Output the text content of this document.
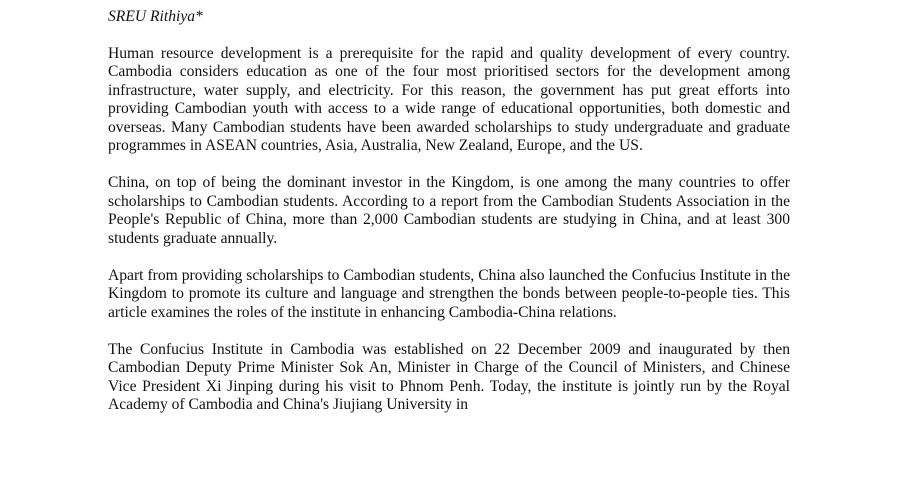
SREU Rithiya*

Human resource development is a prerequisite for the rapid and quality development of every country. Cambodia considers education as one of the four most prioritised sectors for the development among infrastructure, water supply, and electricity. For this reason, the government has put great efforts into providing Cambodian youth with access to a wide range of educational opportunities, both domestic and overseas. Many Cambodian students have been awarded scholarships to study undergraduate and graduate programmes in ASEAN countries, Asia, Australia, New Zealand, Europe, and the US.

China, on top of being the dominant investor in the Kingdom, is one among the many countries to offer scholarships to Cambodian students. According to a report from the Cambodian Students Association in the People's Republic of China, more than 2,000 Cambodian students are studying in China, and at least 300 students graduate annually.

Apart from providing scholarships to Cambodian students, China also launched the Confucius Institute in the Kingdom to promote its culture and language and strengthen the bonds between people-to-people ties. This article examines the roles of the institute in enhancing Cambodia-China relations.

The Confucius Institute in Cambodia was established on 22 December 2009 and inaugurated by then Cambodian Deputy Prime Minister Sok An, Minister in Charge of the Council of Ministers, and Chinese Vice President Xi Jinping during his visit to Phnom Penh. Today, the institute is jointly run by the Royal Academy of Cambodia and China's Jiujiang University in
